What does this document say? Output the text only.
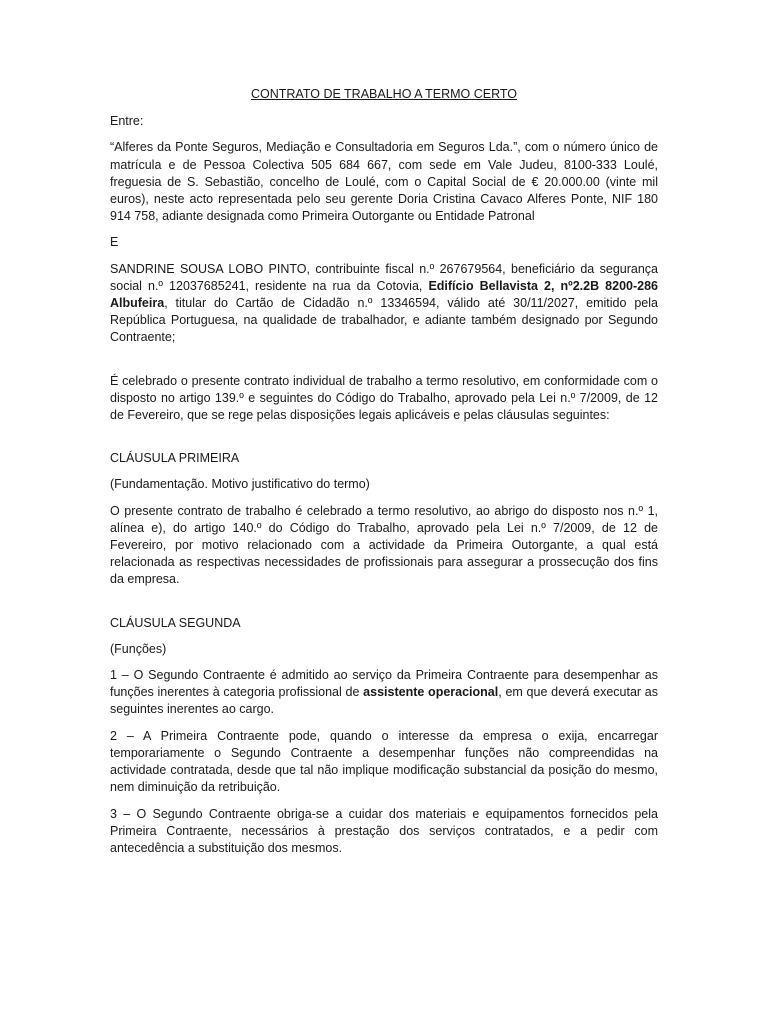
CONTRATO DE TRABALHO A TERMO CERTO

Entre:

“Alferes da Ponte Seguros, Mediação e Consultadoria em Seguros Lda.”, com o número único de matrícula e de Pessoa Colectiva 505 684 667, com sede em Vale Judeu, 8100-333 Loulé, freguesia de S. Sebastião, concelho de Loulé, com o Capital Social de € 20.000.00 (vinte mil euros), neste acto representada pelo seu gerente Doria Cristina Cavaco Alferes Ponte, NIF 180 914 758, adiante designada como Primeira Outorgante ou Entidade Patronal

E

SANDRINE SOUSA LOBO PINTO, contribuinte fiscal n.º 267679564, beneficiário da segurança social n.º 12037685241, residente na rua da Cotovia, Edifício Bellavista 2, nº2.2B 8200-286 Albufeira, titular do Cartão de Cidadão n.º 13346594, válido até 30/11/2027, emitido pela República Portuguesa, na qualidade de trabalhador, e adiante também designado por Segundo Contraente;

É celebrado o presente contrato individual de trabalho a termo resolutivo, em conformidade com o disposto no artigo 139.º e seguintes do Código do Trabalho, aprovado pela Lei n.º 7/2009, de 12 de Fevereiro, que se rege pelas disposições legais aplicáveis e pelas cláusulas seguintes:

CLÁUSULA PRIMEIRA

(Fundamentação. Motivo justificativo do termo)

O presente contrato de trabalho é celebrado a termo resolutivo, ao abrigo do disposto nos n.º 1, alínea e), do artigo 140.º do Código do Trabalho, aprovado pela Lei n.º 7/2009, de 12 de Fevereiro, por motivo relacionado com a actividade da Primeira Outorgante, a qual está relacionada as respectivas necessidades de profissionais para assegurar a prossecução dos fins da empresa.

CLÁUSULA SEGUNDA

(Funções)

1 – O Segundo Contraente é admitido ao serviço da Primeira Contraente para desempenhar as funções inerentes à categoria profissional de assistente operacional, em que deverá executar as seguintes inerentes ao cargo.

2 – A Primeira Contraente pode, quando o interesse da empresa o exija, encarregar temporariamente o Segundo Contraente a desempenhar funções não compreendidas na actividade contratada, desde que tal não implique modificação substancial da posição do mesmo, nem diminuição da retribuição.

3 – O Segundo Contraente obriga-se a cuidar dos materiais e equipamentos fornecidos pela Primeira Contraente, necessários à prestação dos serviços contratados, e a pedir com antecedência a substituição dos mesmos.
